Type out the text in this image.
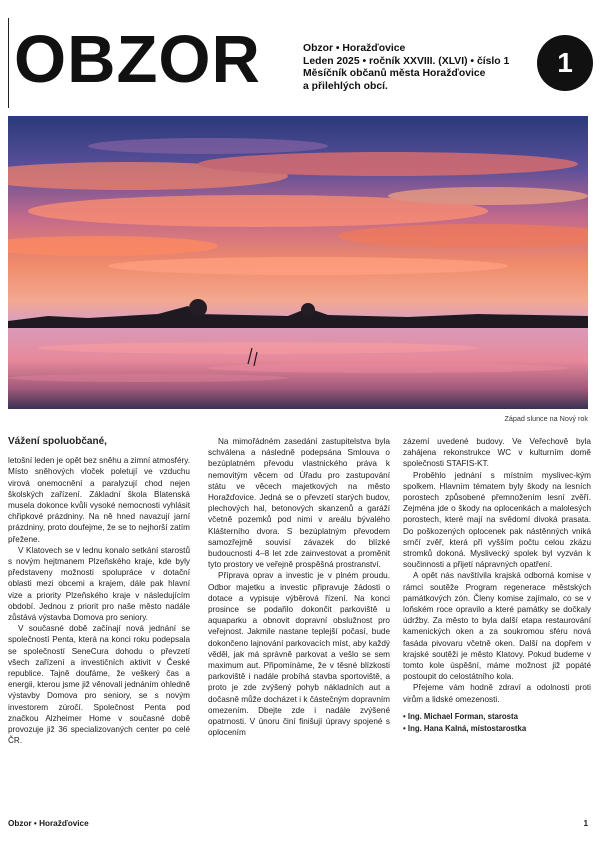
OBZOR	Obzor • Horažďovice
Leden 2025 • ročník XXVIII. (XLVI) • číslo 1
Měsíčník občanů města Horažďovice
a přilehlých obcí.
1
Západ slunce na Nový rok
Vážení spoluobčané,

letošní leden je opět bez sněhu a zimní atmosféry. Místo sněhových vloček poletují ve vzduchu virová onemocnění a paralyzují chod nejen školských zařízení. Základní škola Blatenská musela dokonce kvůli vysoké nemocnosti vyhlásit chřipkové prázdniny. Na ně hned navazují jarní prázdniny, proto doufejme, že se to nejhorší zatím přežene.

V Klatovech se v lednu konalo setkání starostů s novým hejtmanem Plzeňského kraje, kde byly představeny možnosti spolupráce v dotační oblasti mezi obcemi a krajem, dále pak hlavní vize a priority Plzeňského kraje v následujícím období. Jednou z priorit pro naše město nadále zůstává výstavba Domova pro seniory.

V současné době začínají nová jednání se společností Penta, která na konci roku podepsala se společností SeneCura dohodu o převzetí všech zařízení a investičních aktivit v České republice. Tajně doufáme, že veškerý čas a energii, kterou jsme již věnovali jednáním ohledně výstavby Domova pro seniory, se s novým investorem zúročí. Společnost Penta pod značkou Alzheimer Home v současné době provozuje již 36 specializovaných center po celé ČR.

Na mimořádném zasedání zastupitelstva byla schválena a následně podepsána Smlouva o bezúplatném převodu vlastnického práva k nemovitým věcem od Úřadu pro zastupování státu ve věcech majetkových na město Horažďovice. Jedná se o převzetí starých budov, plechových hal, betonových skanzenů a garáží včetně pozemků pod nimi v areálu bývalého Klášterního dvora. S bezúplatným převodem samozřejmě souvisí závazek do blízké budoucnosti 4–8 let zde zainvestovat a proměnit tyto prostory ve veřejně prospěšná prostranství.

Příprava oprav a investic je v plném proudu. Odbor majetku a investic připravuje žádosti o dotace a vypisuje výběrová řízení. Na konci prosince se podařilo dokončit parkoviště u aquaparku a obnovit dopravní obslužnost pro veřejnost. Jakmile nastane teplejší počasí, bude dokončeno lajnování parkovacích míst, aby každý věděl, jak má správně parkovat a vešlo se sem maximum aut. Připomínáme, že v těsné blízkosti parkoviště i nadále probíhá stavba sportoviště, a proto je zde zvýšený pohyb nákladních aut a dočasně může docházet i k částečným dopravním omezením. Dbejte zde i nadále zvýšené opatrnosti. V únoru činí finišují úpravy spojené s oplocením

zázemí uvedené budovy. Ve Veřechově byla zahájena rekonstrukce WC v kulturním domě společnosti STAFIS-KT.

Proběhlo jednání s místním myslivec-kým spolkem. Hlavním tématem byly škody na lesních porostech způsobené přemnožením lesní zvěří. Zejména jde o škody na oplocenkách a malolesých porostech, které mají na svědomí divoká prasata. Do poškozených oplocenek pak nástěnných vniká srnčí zvěř, která při vyšším počtu celou zkázu stromků dokoná. Myslivecký spolek byl vyzván k součinnosti a přijetí nápravných opatření.

A opět nás navštívila krajská odborná komise v rámci soutěže Program regenerace městských památkových zón. Členy komise zajímalo, co se v loňském roce opravilo a které památky se dočkaly údržby. Za město to byla další etapa restaurování kamenických oken a za soukromou sféru nová fasáda pivovaru včetně oken. Další na dopřem v krajské soutěži je město Klatovy. Pokud budeme v tomto kole úspěšní, máme možnost již popáté postoupit do celostátního kola.

Přejeme vám hodně zdraví a odolnosti proti virům a lidské omezenosti.

• Ing. Michael Forman, starosta
• Ing. Hana Kalná, místostarostka
Obzor • Horažďovice	1
